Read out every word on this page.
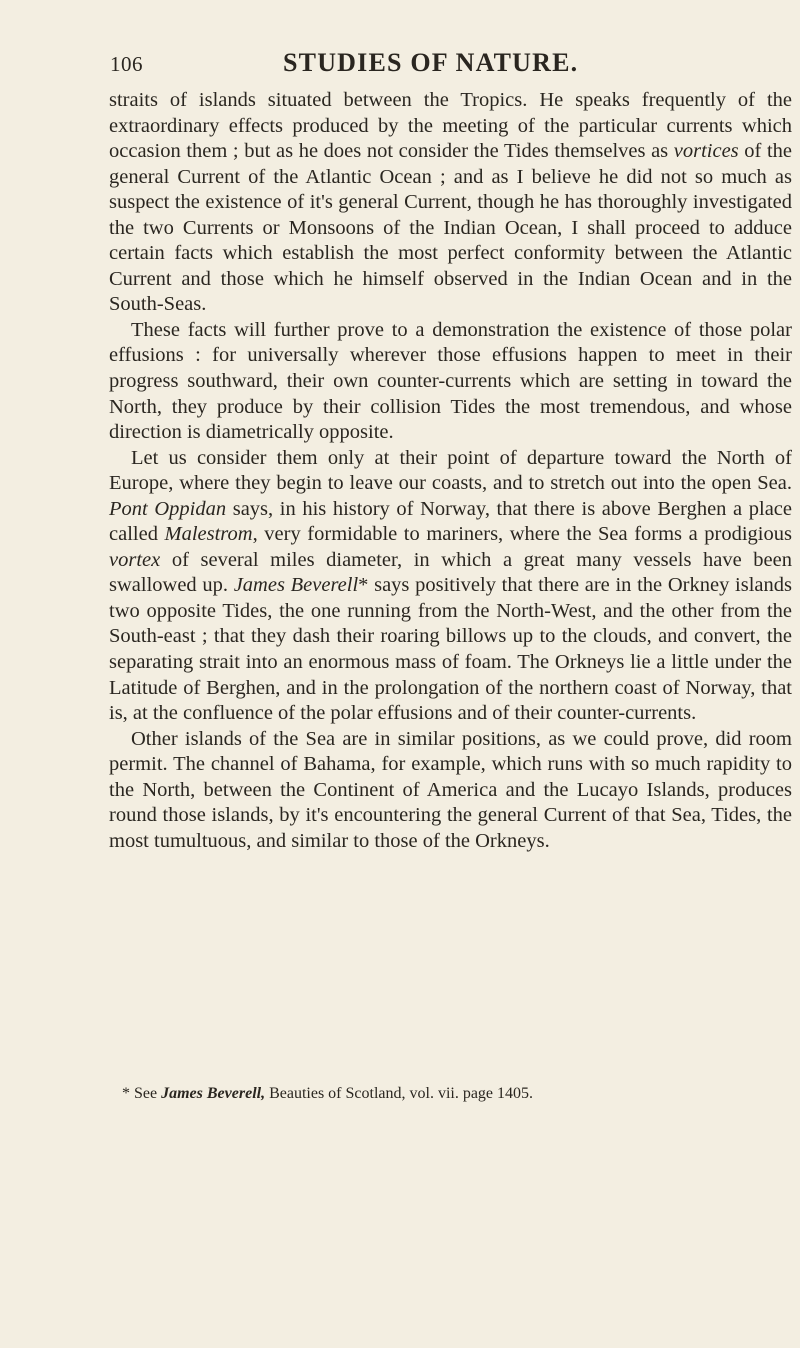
106	STUDIES OF NATURE.

straits of islands situated between the Tropics. He speaks frequently of the extraordinary effects produced by the meeting of the particular currents which occasion them ; but as he does not consider the Tides themselves as vortices of the general Current of the Atlantic Ocean ; and as I believe he did not so much as suspect the existence of it's general Current, though he has thoroughly investigated the two Currents or Monsoons of the Indian Ocean, I shall proceed to adduce certain facts which establish the most perfect conformity between the Atlantic Current and those which he himself observed in the Indian Ocean and in the South-Seas.

These facts will further prove to a demonstration the existence of those polar effusions : for universally wherever those effusions happen to meet in their progress southward, their own counter-currents which are setting in toward the North, they produce by their collision Tides the most tremendous, and whose direction is diametrically opposite.

Let us consider them only at their point of departure toward the North of Europe, where they begin to leave our coasts, and to stretch out into the open Sea. Pont Oppidan says, in his history of Norway, that there is above Berghen a place called Malestrom, very formidable to mariners, where the Sea forms a prodigious vortex of several miles diameter, in which a great many vessels have been swallowed up. James Beverell* says positively that there are in the Orkney islands two opposite Tides, the one running from the North-West, and the other from the South-east ; that they dash their roaring billows up to the clouds, and convert, the separating strait into an enormous mass of foam. The Orkneys lie a little under the Latitude of Berghen, and in the prolongation of the northern coast of Norway, that is, at the confluence of the polar effusions and of their counter-currents.

Other islands of the Sea are in similar positions, as we could prove, did room permit. The channel of Bahama, for example, which runs with so much rapidity to the North, between the Continent of America and the Lucayo Islands, produces round those islands, by it's encountering the general Current of that Sea, Tides, the most tumultuous, and similar to those of the Orkneys.

* See James Beverell, Beauties of Scotland, vol. vii. page 1405.
